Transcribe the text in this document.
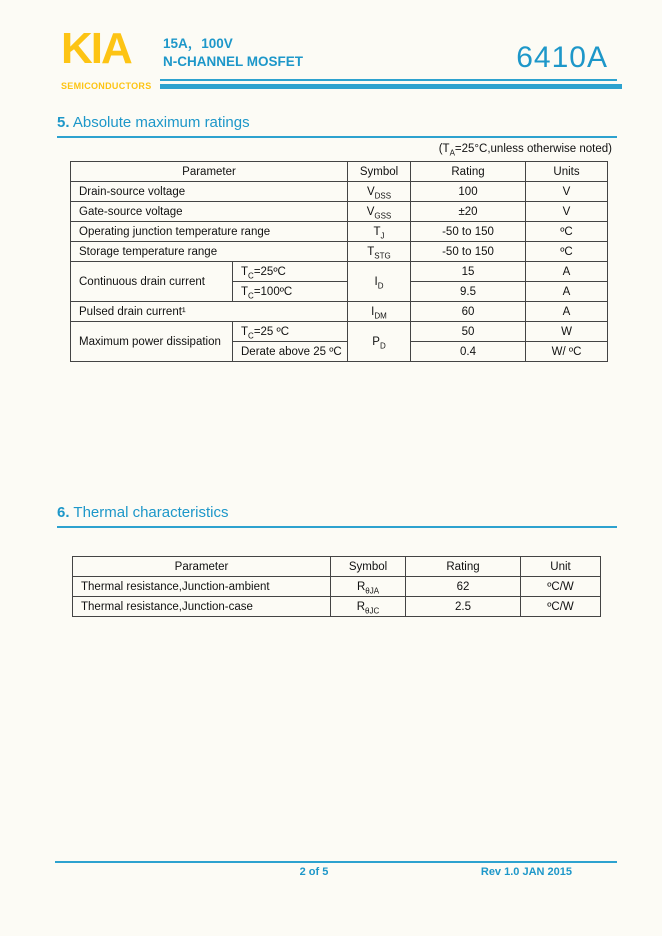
KIA
SEMICONDUCTORS
15A，100V
N-CHANNEL MOSFET	6410A
5. Absolute maximum ratings
($T_A=25^\circ C,unless$ otherwise noted)
Parameter		Symbol	Rating	Units
Drain-source voltage		$V_{DSS}$	100	V
Gate-source voltage		$V_{GSS}$	±20	V
Operating junction temperature range		$T_J$	-50 to 150	ºC
Storage temperature range		$T_{STG}$	-50 to 150	ºC
Continuous drain current	$T_C=25ºC$	$I_D$	15	A
	$T_C=100ºC$		9.5	A
Pulsed drain current¹		$I_{DM}$	60	A
Maximum power dissipation	$T_C=25$ ºC	$P_D$	50	W
	Derate above 25 ºC		0.4	W/ ºC
6. Thermal characteristics
Parameter	Symbol	Rating	Unit
Thermal resistance,Junction-ambient	$R_{\theta JA}$	62	ºC/W
Thermal resistance,Junction-case	$R_{\theta JC}$	2.5	ºC/W
2 of 5	Rev 1.0 JAN 2015
